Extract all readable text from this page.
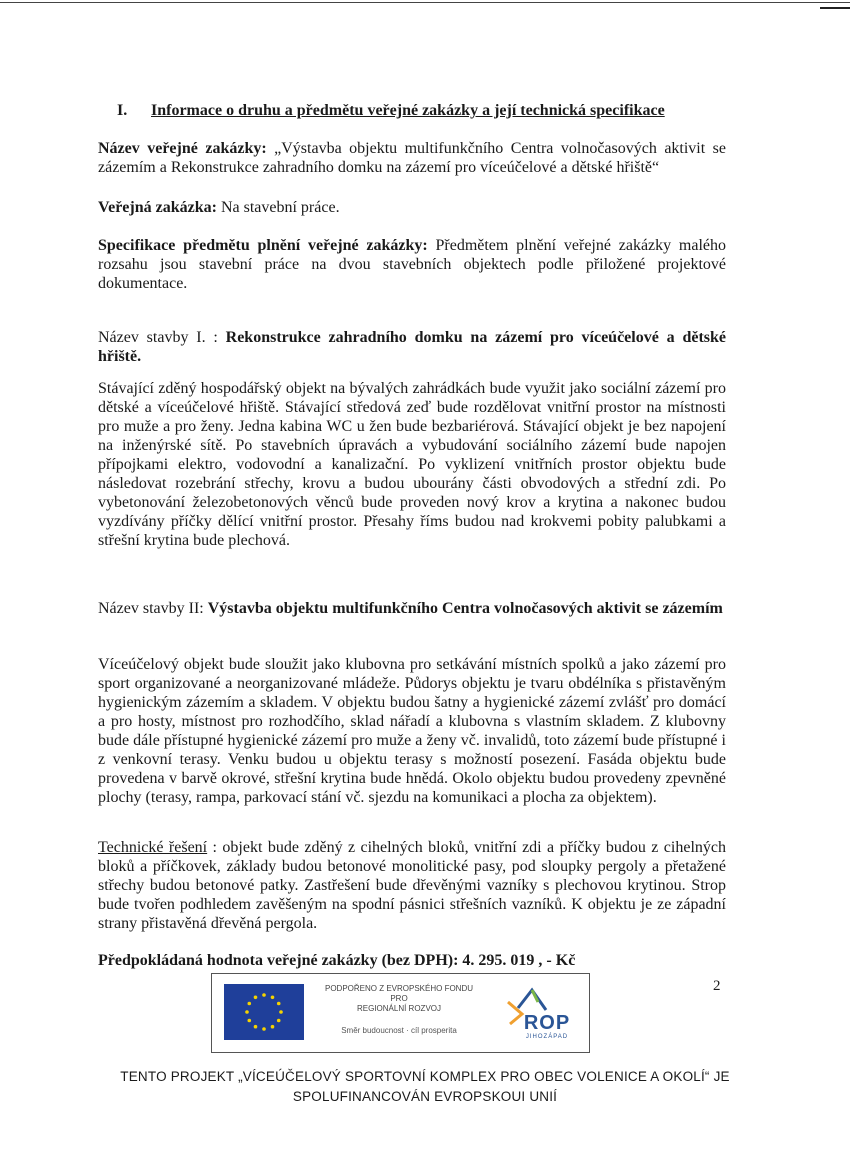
I. Informace o druhu a předmětu veřejné zakázky a její technická specifikace

Název veřejné zakázky: „Výstavba objektu multifunkčního Centra volnočasových aktivit se zázemím a Rekonstrukce zahradního domku na zázemí pro víceúčelové a dětské hřiště“

Veřejná zakázka: Na stavební práce.

Specifikace předmětu plnění veřejné zakázky: Předmětem plnění veřejné zakázky malého rozsahu jsou stavební práce na dvou stavebních objektech podle přiložené projektové dokumentace.

Název stavby I. : Rekonstrukce zahradního domku na zázemí pro víceúčelové a dětské hřiště.

Stávající zděný hospodářský objekt na bývalých zahrádkách bude využit jako sociální zázemí pro dětské a víceúčelové hřiště. Stávající středová zeď bude rozdělovat vnitřní prostor na místnosti pro muže a pro ženy. Jedna kabina WC u žen bude bezbariérová. Stávající objekt je bez napojení na inženýrské sítě. Po stavebních úpravách a vybudování sociálního zázemí bude napojen přípojkami elektro, vodovodní a kanalizační. Po vyklizení vnitřních prostor objektu bude následovat rozebrání střechy, krovu a budou ubourány části obvodových a střední zdi. Po vybetonování železobetonových věnců bude proveden nový krov a krytina a nakonec budou vyzdívány příčky dělící vnitřní prostor. Přesahy říms budou nad krokvemi pobity palubkami a střešní krytina bude plechová.

Název stavby II: Výstavba objektu multifunkčního Centra volnočasových aktivit se zázemím

Víceúčelový objekt bude sloužit jako klubovna pro setkávání místních spolků a jako zázemí pro sport organizované a neorganizované mládeže. Půdorys objektu je tvaru obdélníka s přistavěným hygienickým zázemím a skladem. V objektu budou šatny a hygienické zázemí zvlášť pro domácí a pro hosty, místnost pro rozhodčího, sklad nářadí a klubovna s vlastním skladem. Z klubovny bude dále přístupné hygienické zázemí pro muže a ženy vč. invalidů, toto zázemí bude přístupné i z venkovní terasy. Venku budou u objektu terasy s možností posezení. Fasáda objektu bude provedena v barvě okrové, střešní krytina bude hnědá. Okolo objektu budou provedeny zpevněné plochy (terasy, rampa, parkovací stání vč. sjezdu na komunikaci a plocha za objektem).

Technické řešení : objekt bude zděný z cihelných bloků, vnitřní zdi a příčky budou z cihelných bloků a příčkovek, základy budou betonové monolitické pasy, pod sloupky pergoly a přetažené střechy budou betonové patky. Zastřešení bude dřevěnými vazníky s plechovou krytinou. Strop bude tvořen podhledem zavěšeným na spodní pásnici střešních vazníků. K objektu je ze západní strany přistavěná dřevěná pergola.

Předpokládaná hodnota veřejné zakázky (bez DPH): 4. 295. 019 , - Kč

2
PODPOŘENO Z EVROPSKÉHO FONDU
PRO
REGIONÁLNÍ ROZVOJ
Směr budoucnost · cíl prosperita	ROP
JIHOZÁPAD
TENTO PROJEKT „VÍCEÚČELOVÝ SPORTOVNÍ KOMPLEX PRO OBEC VOLENICE A OKOLÍ“ JE
SPOLUFINANCOVÁN EVROPSKOUI UNIÍ
